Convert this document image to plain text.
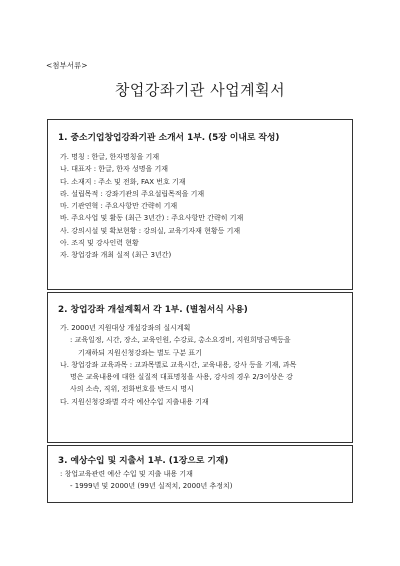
<첨부서류>
창업강좌기관 사업계획서
1. 중소기업창업강좌기관 소개서 1부. (5장 이내로 작성)
가. 명칭 : 한글, 한자명칭을 기재
나. 대표자 : 한글, 한자 성명을 기재
다. 소재지 : 주소 및 전화, FAX 번호 기재
라. 설립목적 : 강좌기관의 주요설립목적을 기재
마. 기관연혁 : 주요사항만 간략히 기재
바. 주요사업 및 활동 (최근 3년간) : 주요사항만 간략히 기재
사. 강의시설 및 확보현황 : 강의실, 교육기자재 현황등 기재
아. 조직 및 강사인력 현황
자. 창업강좌 개최 실적 (최근 3년간)
2. 창업강좌 개설계획서 각 1부. (별첨서식 사용)
가. 2000년 지원대상 개설강좌의 실시계획
: 교육일정, 시간, 장소, 교육인원, 수강료, 총소요경비, 지원희망금액등을
기재하되 지원신청강좌는 별도 구분 표기
나. 창업강좌 교육과목 : 교과목별로 교육시간, 교육내용, 강사 등을 기재, 과목
명은 교육내용에 대한 실질적 대표명칭을 사용, 강사의 경우 2/3이상은 강
사의 소속, 직위, 전화번호를 반드시 명시
다. 지원신청강좌별 각각 예산수입 지출내용 기재
3. 예상수입 및 지출서 1부. (1장으로 기재)
: 창업교육관련 예산 수입 및 지출 내용 기재
- 1999년 및 2000년 (99년 실적치, 2000년 추정치)
